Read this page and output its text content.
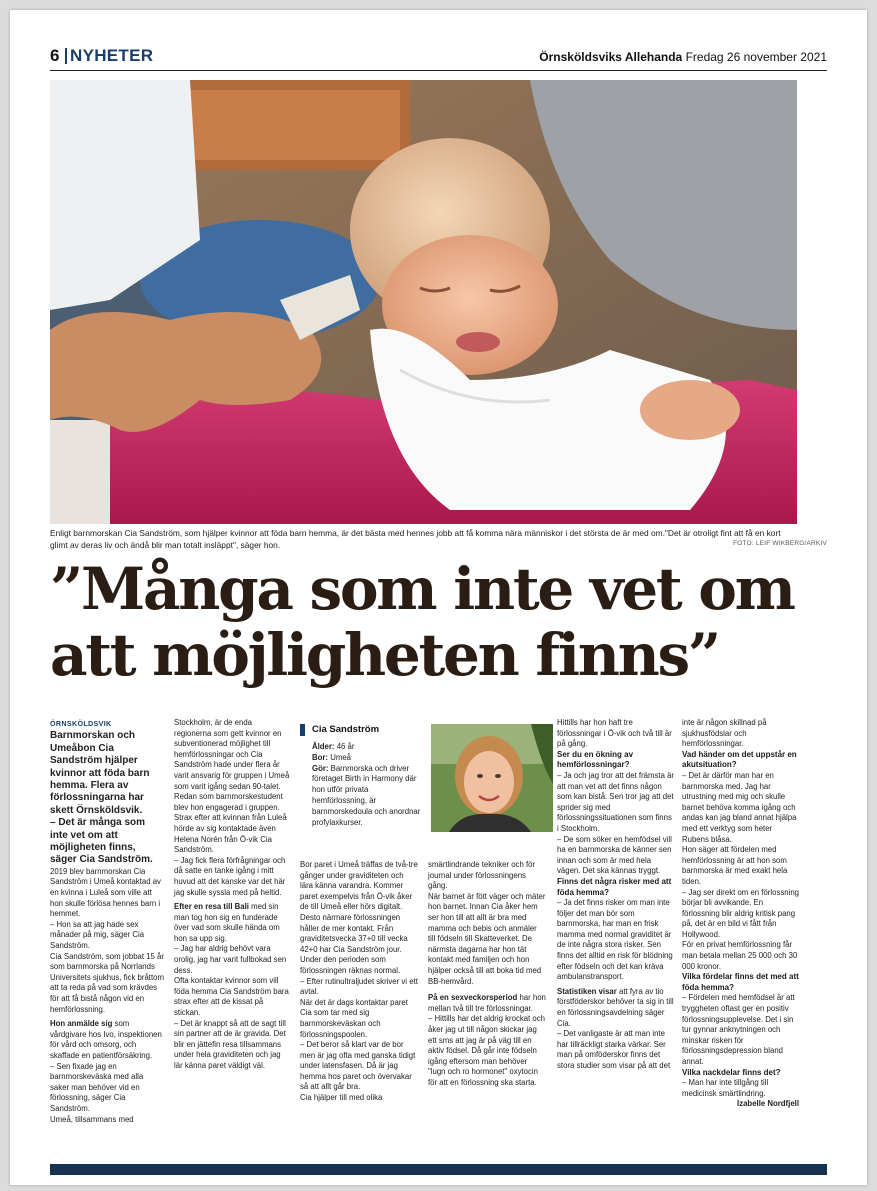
6 NYHETER	Örnsköldsviks Allehanda Fredag 26 november 2021
Enligt barnmorskan Cia Sandström, som hjälper kvinnor att föda barn hemma, är det bästa med hennes jobb att få komma nära människor i det största de är med om."Det är otroligt fint att få en kort glimt av deras liv och ändå blir man totalt insläppt", säger hon.	FOTO: LEIF WIKBERG/ARKIV
”Många som inte vet om
att möjligheten finns”

ÖRNSKÖLDSVIK Barnmorskan och Umeåbon Cia Sandström hjälper kvinnor att föda barn hemma. Flera av förlossningarna har skett Örnsköldsvik.

– Det är många som inte vet om att möjligheten finns, säger Cia Sandström.

2019 blev barnmorskan Cia Sandström i Umeå kontaktad av en kvinna i Luleå som ville att hon skulle förlösa hennes barn i hemmet.

– Hon sa att jag hade sex månader på mig, säger Cia Sandström.

Cia Sandström, som jobbat 15 år som barnmorska på Norrlands Universitets sjukhus, fick bråttom att ta reda på vad som krävdes för att få bistå någon vid en hemförlossning.

Hon anmälde sig som vårdgivare hos Ivo, inspektionen för vård och omsorg, och skaffade en patientförsäkring.

– Sen fixade jag en barnmorskeväska med alla saker man behöver vid en förlossning, säger Cia Sandström.

Umeå, tillsammans med

Stockholm, är de enda regionerna som gett kvinnor en subventionerad möjlighet till hemförlossningar och Cia Sandström hade under flera år varit ansvarig för gruppen i Umeå som varit igång sedan 90-talet. Redan som barnmorskestudent blev hon engagerad i gruppen.

Strax efter att kvinnan från Luleå hörde av sig kontaktade även Helena Norén från Ö-vik Cia Sandström.

– Jag fick flera förfrågningar och då satte en tanke igång i mitt huvud att det kanske var det här jag skulle syssla med på heltid.

Efter en resa till Bali med sin man tog hon sig en funderade över vad som skulle hända om hon sa upp sig.

– Jag har aldrig behövt vara orolig, jag har varit fullbokad sen dess.

Ofta kontaktar kvinnor som vill föda hemma Cia Sandström bara strax efter att de kissat på stickan.

– Det är knappt så att de sagt till sin partner att de är gravida. Det blir en jättefin resa tillsammans under hela graviditeten och jag lär känna paret väldigt väl.

Cia Sandström
Ålder: 46 år
Bor: Umeå
Gör: Barnmorska och driver företaget Birth in Harmony där hon utför privata hemförlossning, är barnmorskedoula och anordnar profylaxkurser.

Bor paret i Umeå träffas de två-tre gånger under graviditeten och lära känna varandra. Kommer paret exempelvis från Ö-vik åker de till Umeå eller hörs digitalt.

Desto närmare förlossningen håller de mer kontakt. Från graviditetsvecka 37+0 till vecka 42+0 har Cia Sandström jour. Under den perioden som förlossningen räknas normal.

– Efter rutinultraljudet skriver vi ett avtal.

När det är dags kontaktar paret Cia som tar med sig barnmorskeväskan och förlossningspoolen.

– Det beror så klart var de bor men är jag ofta med ganska tidigt under latensfasen. Då är jag hemma hos paret och övervakar så att allt går bra.

Cia hjälper till med olika

smärtlindrande tekniker och för journal under förlossningens gång.

När barnet är fött väger och mäter hon barnet. Innan Cia åker hem ser hon till att allt är bra med mamma och bebis och anmäler till födseln till Skatteverket. De närmsta dagarna har hon tät kontakt med familjen och hon hjälper också till att boka tid med BB-hemvård.

På en sexveckorsperiod har hon mellan två till tre förlossningar.

– Hittills har det aldrig krockat och åker jag ut till någon skickar jag ett sms att jag är på väg till en aktiv födsel. Då går inte födseln igång eftersom man behöver "lugn och ro hormonet" oxytocin för att en förlossning ska starta.

Hittills har hon haft tre förlossningar i Ö-vik och två till är på gång.

Ser du en ökning av hemförlossningar?

– Ja och jag tror att det främsta är att man vet att det finns någon som kan bistå. Sen tror jag att det sprider sig med förlossningssituationen som finns i Stockholm.

– De som söker en hemfödsel vill ha en barnmorska de känner sen innan och som är med hela vägen. Det ska kännas tryggt.

Finns det några risker med att föda hemma?

– Ja det finns risker om man inte följer det man bör som barnmorska, har man en frisk mamma med normal graviditet är de inte några stora risker. Sen finns det alltid en risk för blödning efter födseln och det kan kräva ambulanstransport.

Statistiken visar att fyra av tio förstföderskor behöver ta sig in till en förlossningsavdelning säger Cia.

– Det vanligaste är att man inte har tillräckligt starka värkar. Ser man på omföderskor finns det stora studier som visar på att det

inte är någon skillnad på sjukhusfödslar och hemförlossningar.

Vad händer om det uppstår en akutsituation?

– Det är därför man har en barnmorska med. Jag har utrustning med mig och skulle barnet behöva komma igång och andas kan jag bland annat hjälpa med ett verktyg som heter Rubens blåsa.

Hon säger att fördelen med hemförlossning är att hon som barnmorska är med exakt hela tiden.

– Jag ser direkt om en förlossning börjar bli avvikande. En förlossning blir aldrig kritisk pang på, det är en bild vi fått från Hollywood.

För en privat hemförlossning får man betala mellan 25 000 och 30 000 kronor.

Vilka fördelar finns det med att föda hemma?

– Fördelen med hemfödsel är att tryggheten oftast ger en positiv förlossningsupplevelse. Det i sin tur gynnar anknytningen och minskar risken för förlossningsdepression bland annat.

Vilka nackdelar finns det?

– Man har inte tillgång till medicinsk smärtlindring.

Izabelle Nordfjell
